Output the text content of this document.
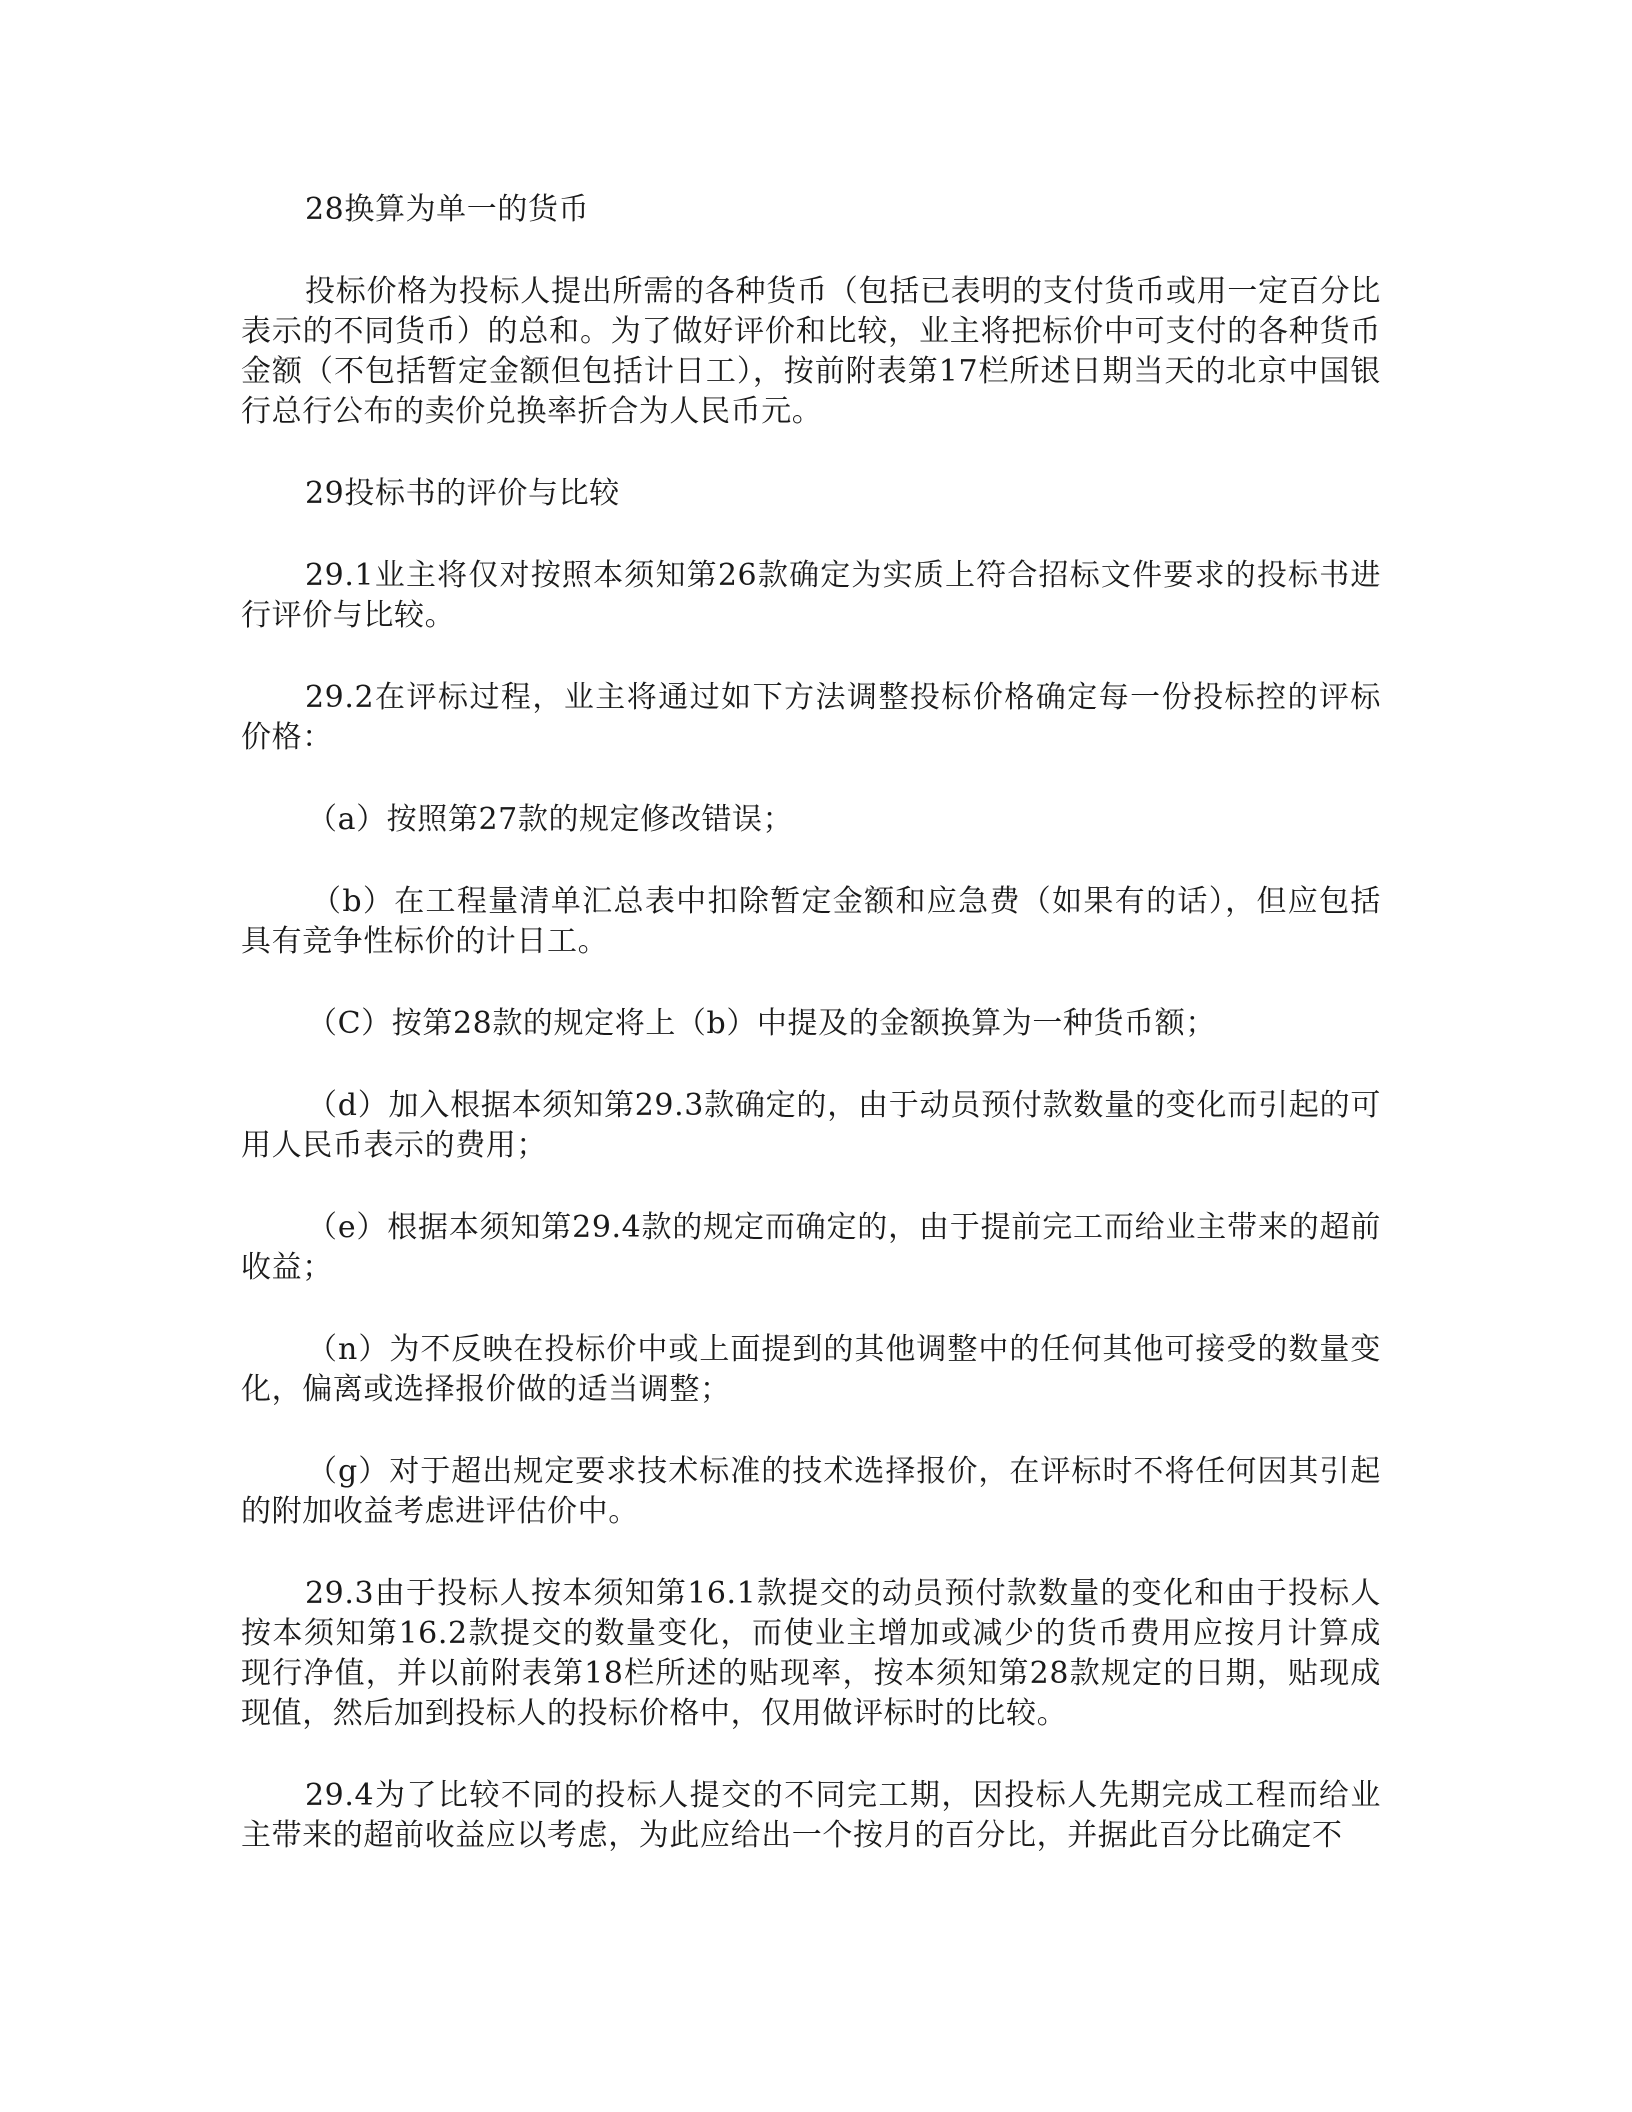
28换算为单一的货币

投标价格为投标人提出所需的各种货币（包括已表明的支付货币或用一定百分比表示的不同货币）的总和。为了做好评价和比较，业主将把标价中可支付的各种货币金额（不包括暂定金额但包括计日工），按前附表第17栏所述日期当天的北京中国银行总行公布的卖价兑换率折合为人民币元。

29投标书的评价与比较

29.1业主将仅对按照本须知第26款确定为实质上符合招标文件要求的投标书进行评价与比较。

29.2在评标过程，业主将通过如下方法调整投标价格确定每一份投标控的评标价格：

（a）按照第27款的规定修改错误；

（b）在工程量清单汇总表中扣除暂定金额和应急费（如果有的话），但应包括具有竞争性标价的计日工。

（C）按第28款的规定将上（b）中提及的金额换算为一种货币额；

（d）加入根据本须知第29.3款确定的，由于动员预付款数量的变化而引起的可用人民币表示的费用；

（e）根据本须知第29.4款的规定而确定的，由于提前完工而给业主带来的超前收益；

（n）为不反映在投标价中或上面提到的其他调整中的任何其他可接受的数量变化，偏离或选择报价做的适当调整；

（g）对于超出规定要求技术标准的技术选择报价，在评标时不将任何因其引起的附加收益考虑进评估价中。

29.3由于投标人按本须知第16.1款提交的动员预付款数量的变化和由于投标人按本须知第16.2款提交的数量变化，而使业主增加或减少的货币费用应按月计算成现行净值，并以前附表第18栏所述的贴现率，按本须知第28款规定的日期，贴现成现值，然后加到投标人的投标价格中，仅用做评标时的比较。

29.4为了比较不同的投标人提交的不同完工期，因投标人先期完成工程而给业主带来的超前收益应以考虑，为此应给出一个按月的百分比，并据此百分比确定不
